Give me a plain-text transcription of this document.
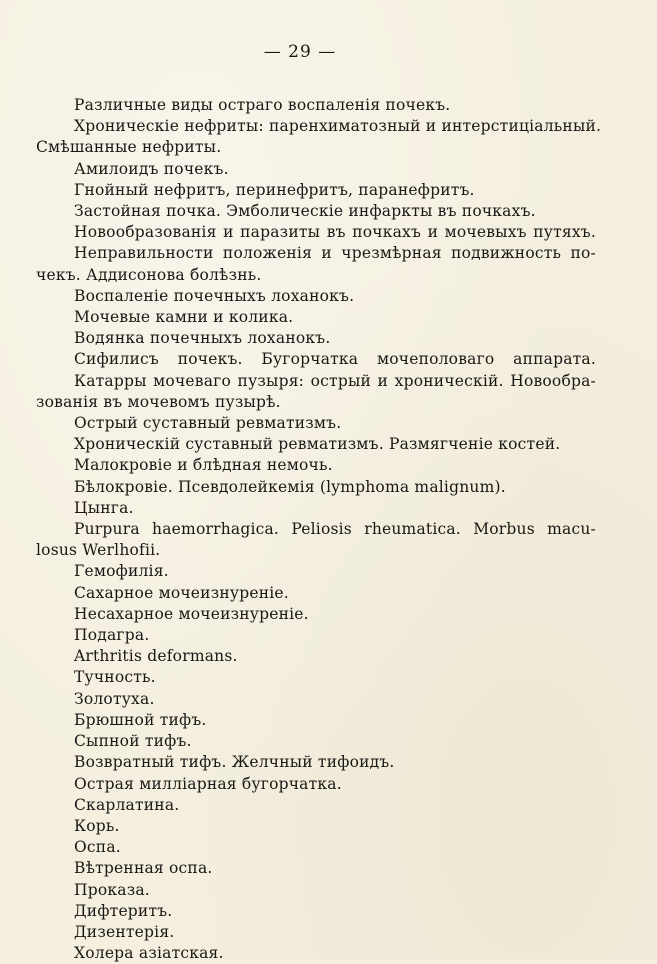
— 29 —
Различные виды остраго воспаленія почекъ.
Хроническіе нефриты: паренхиматозный и интерстиціальный.
Смѣшанные нефриты.
Амилоидъ почекъ.
Гнойный нефритъ, перинефритъ, паранефритъ.
Застойная почка. Эмболическіе инфаркты въ почкахъ.
Новообразованія и паразиты въ почкахъ и мочевыхъ путяхъ.
Неправильности положенія и чрезмѣрная подвижность по-
чекъ. Аддисонова болѣзнь.
Воспаленіе почечныхъ лоханокъ.
Мочевые камни и колика.
Водянка почечныхъ лоханокъ.
Сифилисъ почекъ. Бугорчатка мочеполоваго аппарата.
Катарры мочеваго пузыря: острый и хроническій. Новообра-
зованія въ мочевомъ пузырѣ.
Острый суставный ревматизмъ.
Хроническій суставный ревматизмъ. Размягченіе костей.
Малокровіе и блѣдная немочь.
Бѣлокровіе. Псевдолейкемія (lymphoma malignum).
Цынга.
Purpura haemorrhagica. Peliosis rheumatica. Morbus macu-
losus Werlhofii.
Гемофилія.
Сахарное мочеизнуреніе.
Несахарное мочеизнуреніе.
Подагра.
Arthritis deformans.
Тучность.
Золотуха.
Брюшной тифъ.
Сыпной тифъ.
Возвратный тифъ. Желчный тифоидъ.
Острая милліарная бугорчатка.
Скарлатина.
Корь.
Оспа.
Вѣтренная оспа.
Проказа.
Дифтеритъ.
Дизентерія.
Холера азіатская.
